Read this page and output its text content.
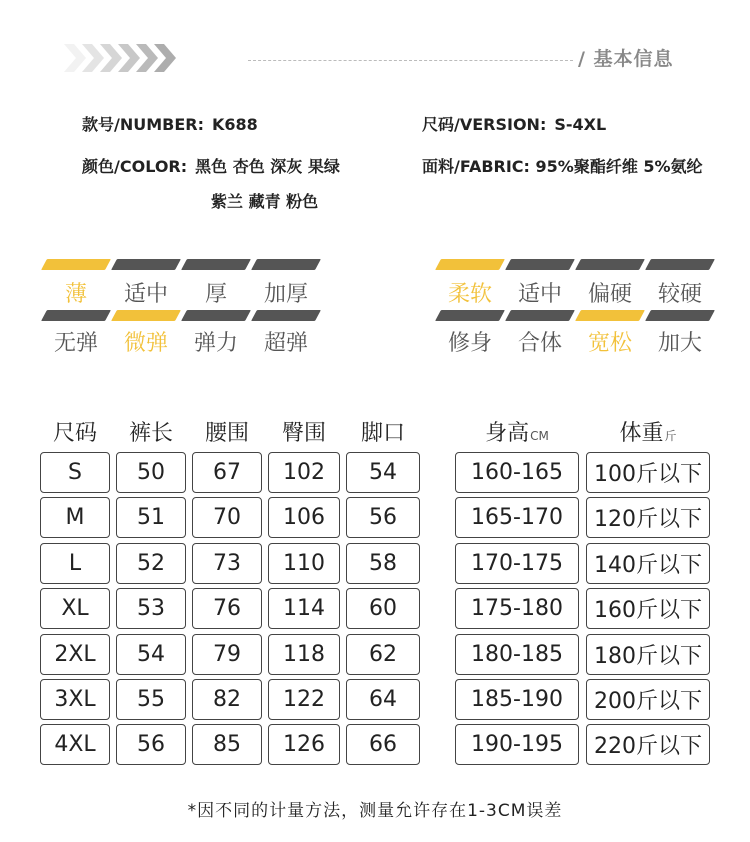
/ 基本信息
款号/NUMBER: K688	尺码/VERSION: S-4XL
颜色/COLOR: 黑色 杏色 深灰 果绿
紫兰 藏青 粉色
面料/FABRIC: 95%聚酯纤维 5%氨纶
薄	适中	厚	加厚
无弹	微弹	弹力	超弹
柔软	适中	偏硬	较硬
修身	合体	宽松	加大
尺码	裤长	腰围	臀围	脚口
S	50	67	102	54
M	51	70	106	56
L	52	73	110	58
XL	53	76	114	60
2XL	54	79	118	62
3XL	55	82	122	64
4XL	56	85	126	66
身高CM	体重斤
160-165	100斤以下
165-170	120斤以下
170-175	140斤以下
175-180	160斤以下
180-185	180斤以下
185-190	200斤以下
190-195	220斤以下
*因不同的计量方法，测量允许存在1-3CM误差
